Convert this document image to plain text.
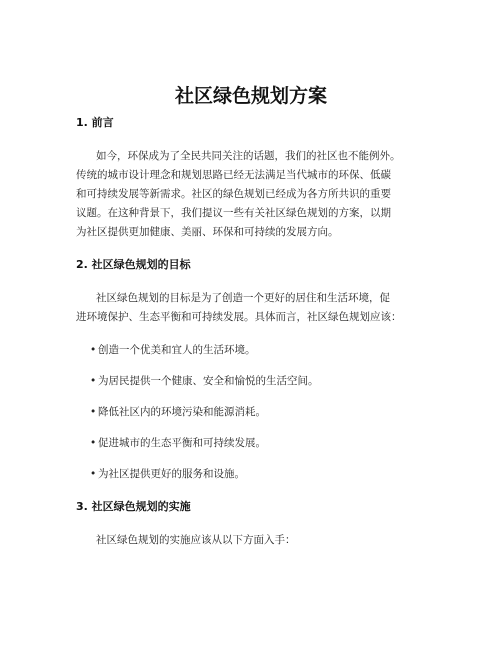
社区绿色规划方案
1. 前言
如今，环保成为了全民共同关注的话题，我们的社区也不能例外。
传统的城市设计理念和规划思路已经无法满足当代城市的环保、低碳
和可持续发展等新需求。社区的绿色规划已经成为各方所共识的重要
议题。在这种背景下，我们提议一些有关社区绿色规划的方案，以期
为社区提供更加健康、美丽、环保和可持续的发展方向。
2. 社区绿色规划的目标
社区绿色规划的目标是为了创造一个更好的居住和生活环境，促
进环境保护、生态平衡和可持续发展。具体而言，社区绿色规划应该：
• 创造一个优美和宜人的生活环境。
• 为居民提供一个健康、安全和愉悦的生活空间。
• 降低社区内的环境污染和能源消耗。
• 促进城市的生态平衡和可持续发展。
• 为社区提供更好的服务和设施。
3. 社区绿色规划的实施
社区绿色规划的实施应该从以下方面入手：
